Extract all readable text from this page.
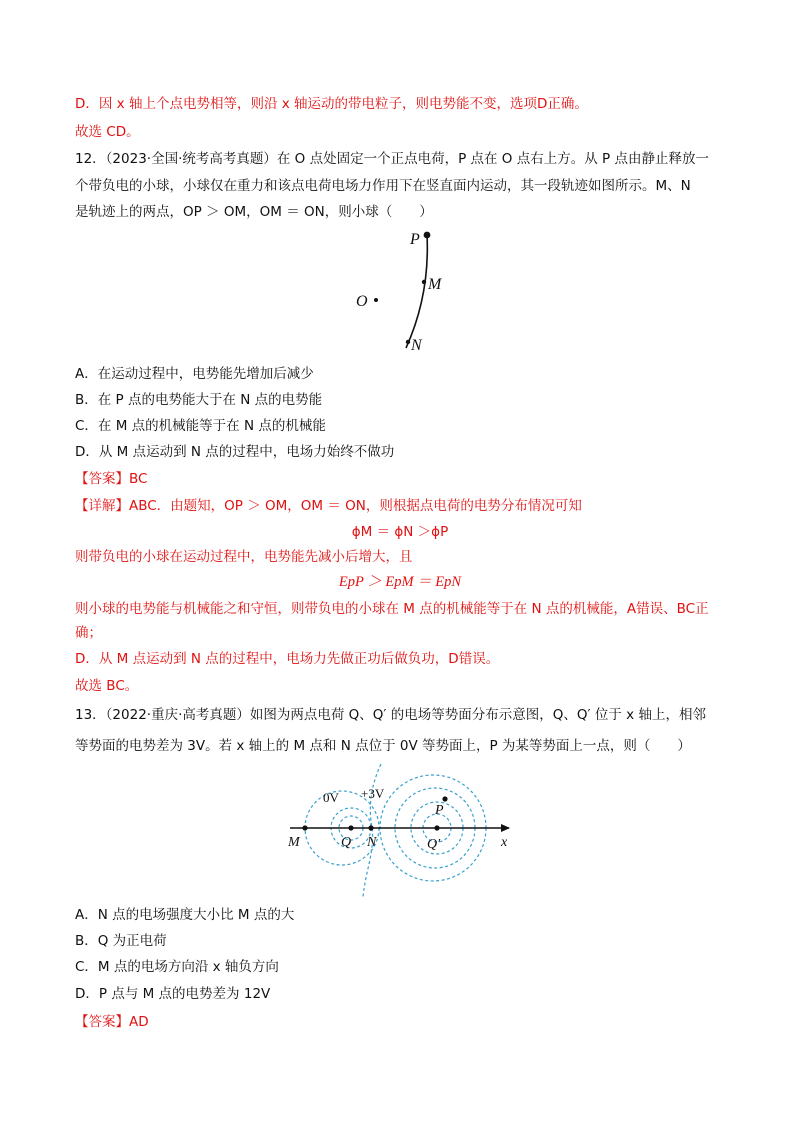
D．因 x 轴上个点电势相等，则沿 x 轴运动的带电粒子，则电势能不变，选项D正确。
故选 CD。
12．（2023·全国·统考高考真题）在 O 点处固定一个正点电荷，P 点在 O 点右上方。从 P 点由静止释放一
个带负电的小球，小球仅在重力和该点电荷电场力作用下在竖直面内运动，其一段轨迹如图所示。M、N
是轨迹上的两点，OP ＞ OM，OM ＝ ON，则小球（　　）
P
M
O
N
A．在运动过程中，电势能先增加后减少
B．在 P 点的电势能大于在 N 点的电势能
C．在 M 点的机械能等于在 N 点的机械能
D．从 M 点运动到 N 点的过程中，电场力始终不做功
【答案】BC
【详解】ABC．由题知，OP ＞ OM，OM ＝ ON，则根据点电荷的电势分布情况可知
ϕM ＝ ϕN ＞ϕP
则带负电的小球在运动过程中，电势能先减小后增大，且
EpP ＞ EpM ＝ EpN
则小球的电势能与机械能之和守恒，则带负电的小球在 M 点的机械能等于在 N 点的机械能，A错误、BC正
确；
D．从 M 点运动到 N 点的过程中，电场力先做正功后做负功，D错误。
故选 BC。
13．（2022·重庆·高考真题）如图为两点电荷 Q、Q′ 的电场等势面分布示意图，Q、Q′ 位于 x 轴上，相邻
等势面的电势差为 3V。若 x 轴上的 M 点和 N 点位于 0V 等势面上，P 为某等势面上一点，则（　　）
0V +3V
P
M	Q N	Q′	x
A．N 点的电场强度大小比 M 点的大
B．Q 为正电荷
C．M 点的电场方向沿 x 轴负方向
D．P 点与 M 点的电势差为 12V
【答案】AD
